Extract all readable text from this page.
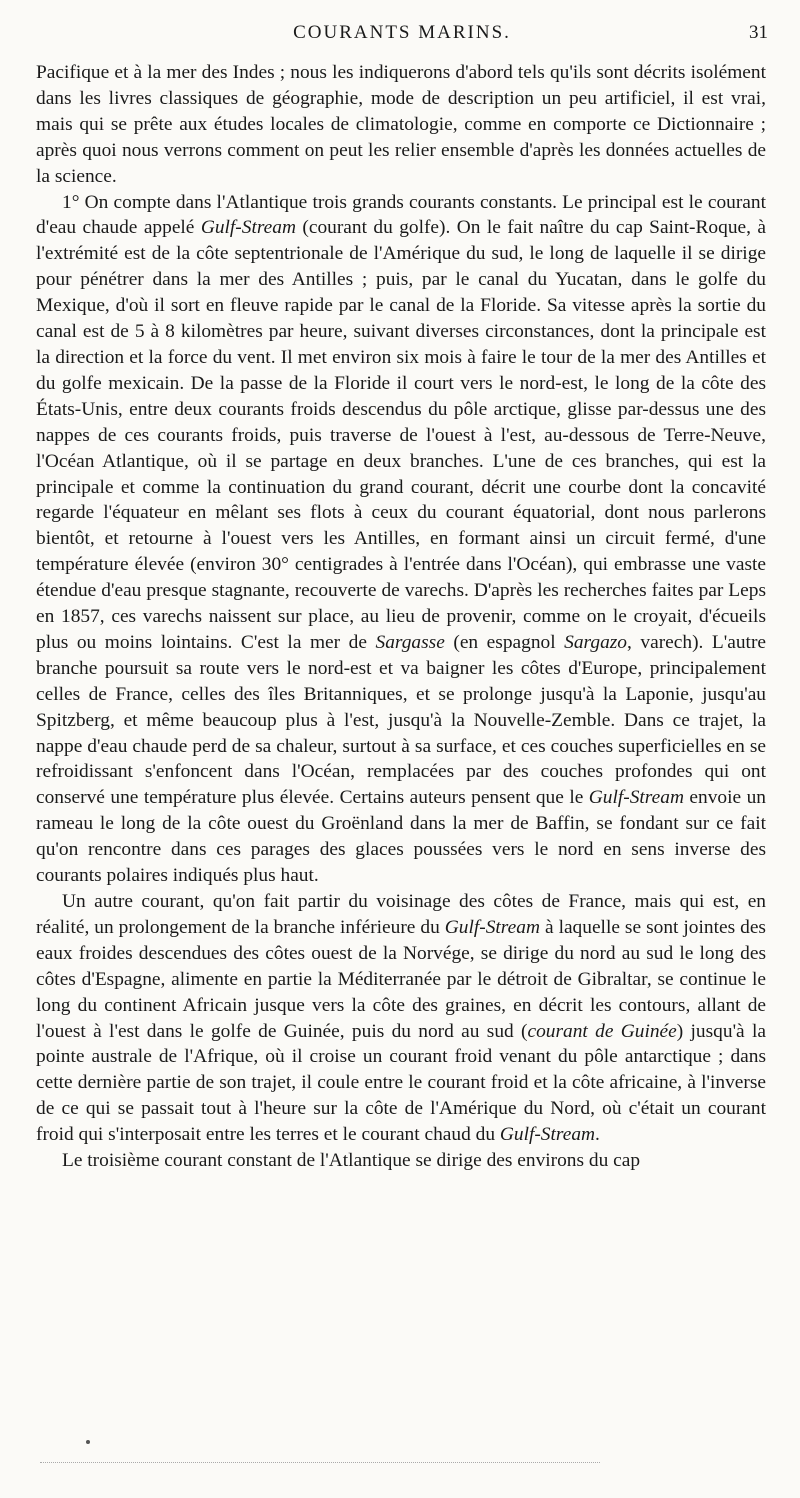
COURANTS MARINS.	31

Pacifique et à la mer des Indes ; nous les indiquerons d'abord tels qu'ils sont décrits isolément dans les livres classiques de géographie, mode de description un peu artificiel, il est vrai, mais qui se prête aux études locales de climatologie, comme en comporte ce Dictionnaire ; après quoi nous verrons comment on peut les relier ensemble d'après les données actuelles de la science.

1° On compte dans l'Atlantique trois grands courants constants. Le principal est le courant d'eau chaude appelé Gulf-Stream (courant du golfe). On le fait naître du cap Saint-Roque, à l'extrémité est de la côte septentrionale de l'Amérique du sud, le long de laquelle il se dirige pour pénétrer dans la mer des Antilles ; puis, par le canal du Yucatan, dans le golfe du Mexique, d'où il sort en fleuve rapide par le canal de la Floride. Sa vitesse après la sortie du canal est de 5 à 8 kilomètres par heure, suivant diverses circonstances, dont la principale est la direction et la force du vent. Il met environ six mois à faire le tour de la mer des Antilles et du golfe mexicain. De la passe de la Floride il court vers le nord-est, le long de la côte des États-Unis, entre deux courants froids descendus du pôle arctique, glisse par-dessus une des nappes de ces courants froids, puis traverse de l'ouest à l'est, au-dessous de Terre-Neuve, l'Océan Atlantique, où il se partage en deux branches. L'une de ces branches, qui est la principale et comme la continuation du grand courant, décrit une courbe dont la concavité regarde l'équateur en mêlant ses flots à ceux du courant équatorial, dont nous parlerons bientôt, et retourne à l'ouest vers les Antilles, en formant ainsi un circuit fermé, d'une température élevée (environ 30° centigrades à l'entrée dans l'Océan), qui embrasse une vaste étendue d'eau presque stagnante, recouverte de varechs. D'après les recherches faites par Leps en 1857, ces varechs naissent sur place, au lieu de provenir, comme on le croyait, d'écueils plus ou moins lointains. C'est la mer de Sargasse (en espagnol Sargazo, varech). L'autre branche poursuit sa route vers le nord-est et va baigner les côtes d'Europe, principalement celles de France, celles des îles Britanniques, et se prolonge jusqu'à la Laponie, jusqu'au Spitzberg, et même beaucoup plus à l'est, jusqu'à la Nouvelle-Zemble. Dans ce trajet, la nappe d'eau chaude perd de sa chaleur, surtout à sa surface, et ces couches superficielles en se refroidissant s'enfoncent dans l'Océan, remplacées par des couches profondes qui ont conservé une température plus élevée. Certains auteurs pensent que le Gulf-Stream envoie un rameau le long de la côte ouest du Groënland dans la mer de Baffin, se fondant sur ce fait qu'on rencontre dans ces parages des glaces poussées vers le nord en sens inverse des courants polaires indiqués plus haut.

Un autre courant, qu'on fait partir du voisinage des côtes de France, mais qui est, en réalité, un prolongement de la branche inférieure du Gulf-Stream à laquelle se sont jointes des eaux froides descendues des côtes ouest de la Norvége, se dirige du nord au sud le long des côtes d'Espagne, alimente en partie la Méditerranée par le détroit de Gibraltar, se continue le long du continent Africain jusque vers la côte des graines, en décrit les contours, allant de l'ouest à l'est dans le golfe de Guinée, puis du nord au sud (courant de Guinée) jusqu'à la pointe australe de l'Afrique, où il croise un courant froid venant du pôle antarctique ; dans cette dernière partie de son trajet, il coule entre le courant froid et la côte africaine, à l'inverse de ce qui se passait tout à l'heure sur la côte de l'Amérique du Nord, où c'était un courant froid qui s'interposait entre les terres et le courant chaud du Gulf-Stream.

Le troisième courant constant de l'Atlantique se dirige des environs du cap
